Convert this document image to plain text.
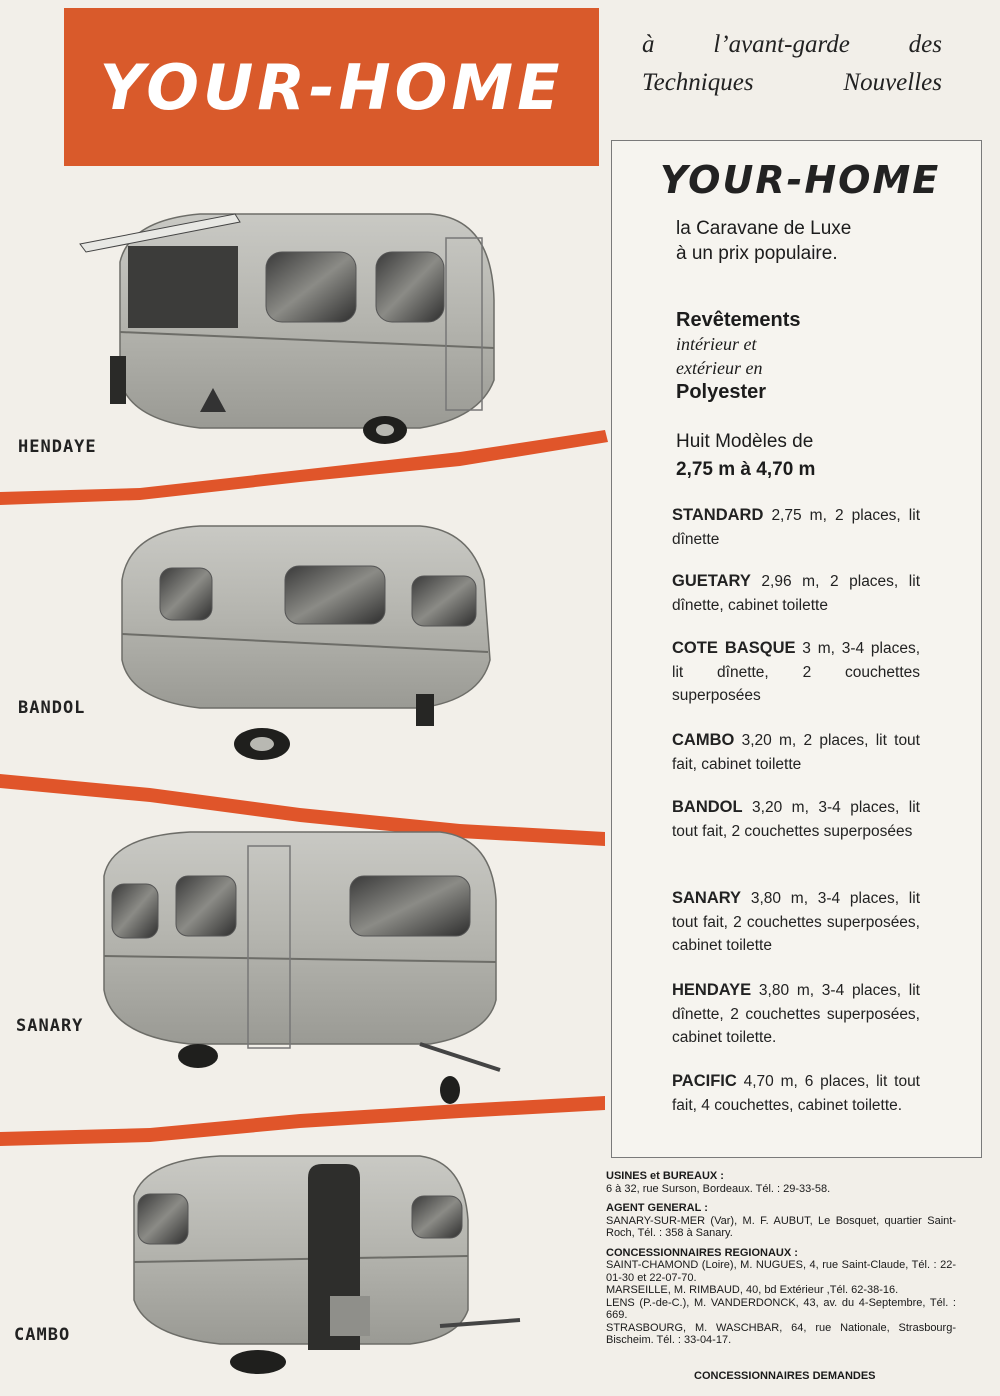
YOUR-HOME
à l’avant-garde des
Techniques Nouvelles
HENDAYE
BANDOL
SANARY
CAMBO
YOUR-HOME
la Caravane de Luxe
à un prix populaire.
Revêtements
intérieur et
extérieur en
Polyester
Huit Modèles de
2,75 m à 4,70 m
STANDARD 2,75 m, 2 places, lit dînette
GUETARY 2,96 m, 2 places, lit dînette, cabinet toilette
COTE BASQUE 3 m, 3-4 places, lit dînette, 2 couchettes superposées
CAMBO 3,20 m, 2 places, lit tout fait, cabinet toilette
BANDOL 3,20 m, 3-4 places, lit tout fait, 2 couchettes superposées
SANARY 3,80 m, 3-4 places, lit tout fait, 2 couchettes superposées, cabinet toilette
HENDAYE 3,80 m, 3-4 places, lit dînette, 2 couchettes superposées, cabinet toilette.
PACIFIC 4,70 m, 6 places, lit tout fait, 4 couchettes, cabinet toilette.
USINES et BUREAUX :
6 à 32, rue Surson, Bordeaux. Tél. : 29-33-58.
AGENT GENERAL :
SANARY-SUR-MER (Var), M. F. AUBUT, Le Bosquet, quartier Saint-Roch, Tél. : 358 à Sanary.
CONCESSIONNAIRES REGIONAUX :
SAINT-CHAMOND (Loire), M. NUGUES, 4, rue Saint-Claude, Tél. : 22-01-30 et 22-07-70.
MARSEILLE, M. RIMBAUD, 40, bd Extérieur ,Tél. 62-38-16.
LENS (P.-de-C.), M. VANDERDONCK, 43, av. du 4-Septembre, Tél. : 669.
STRASBOURG, M. WASCHBAR, 64, rue Nationale, Strasbourg-Bischeim. Tél. : 33-04-17.
CONCESSIONNAIRES DEMANDES
